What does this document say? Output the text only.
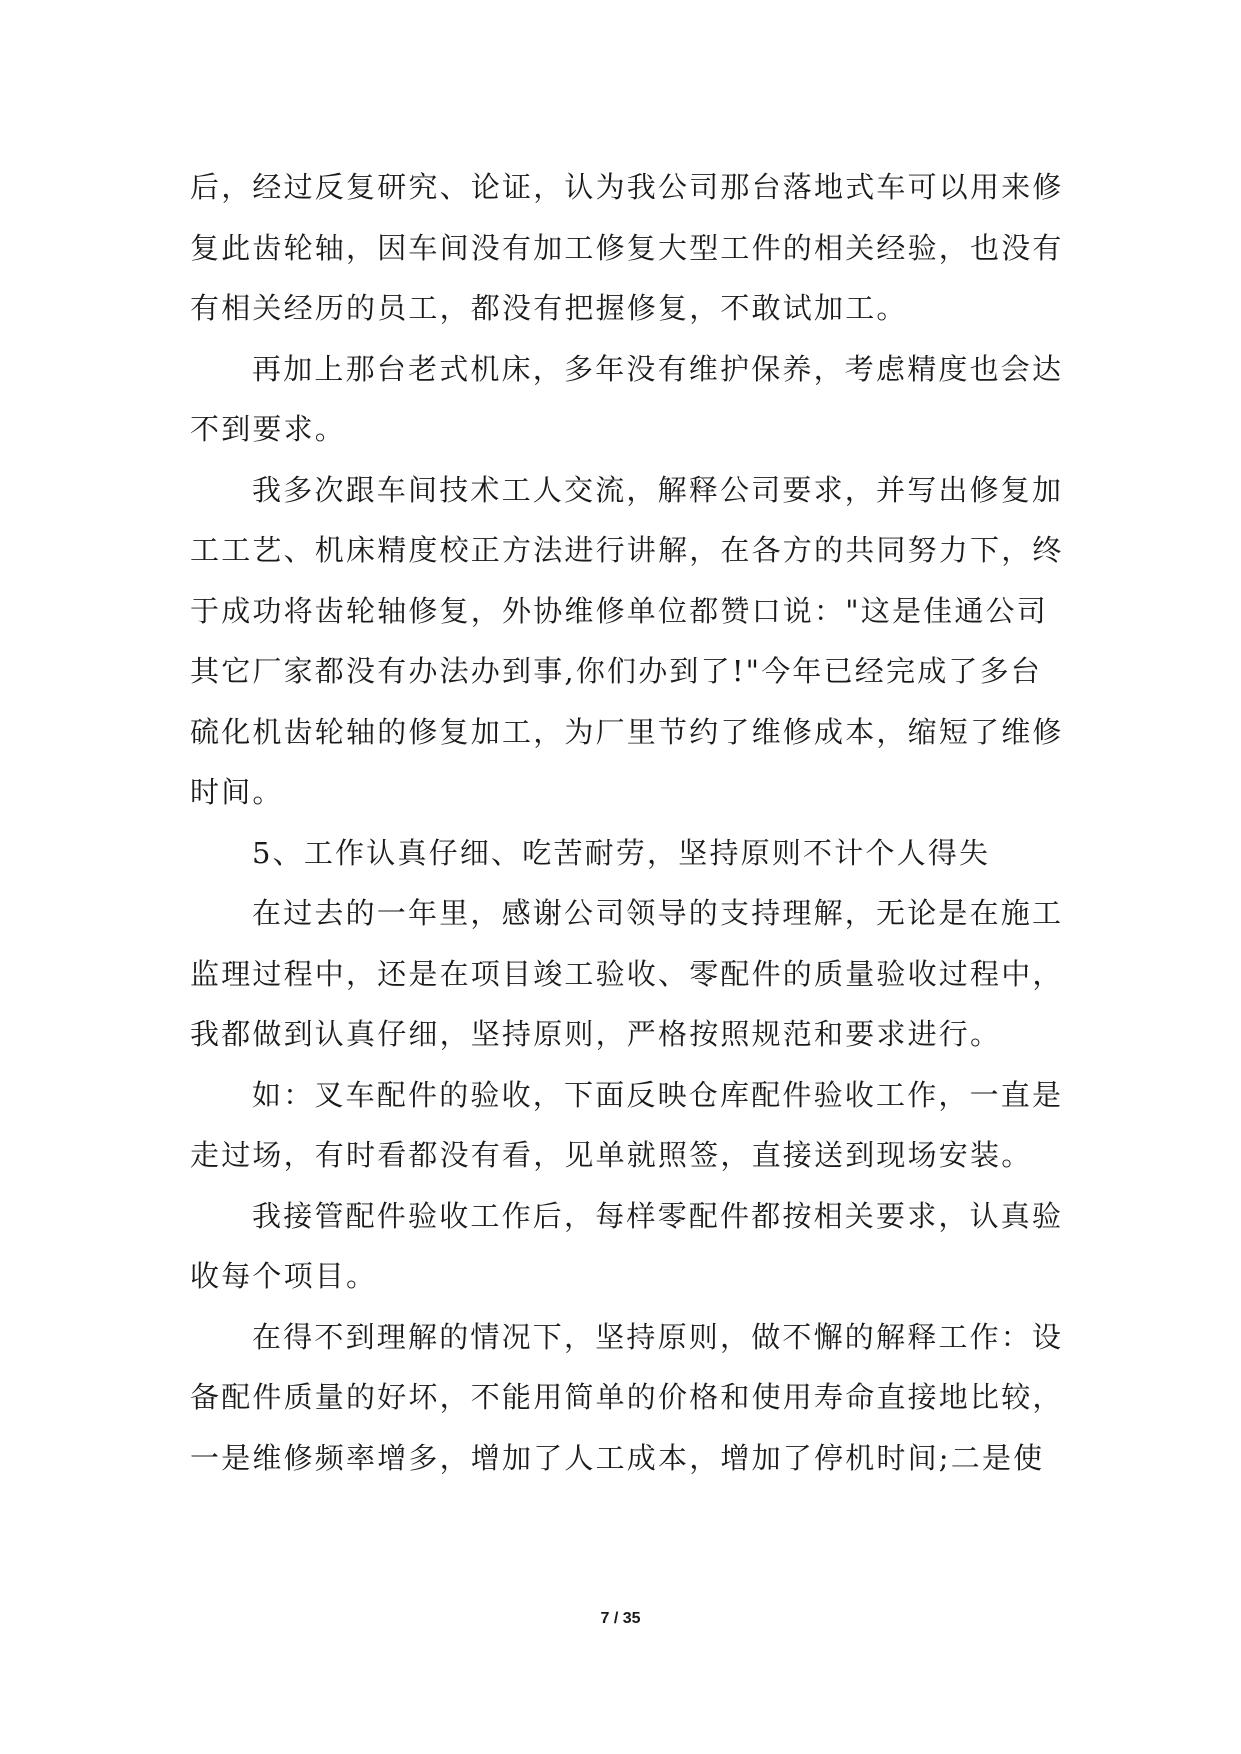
后，经过反复研究、论证，认为我公司那台落地式车可以用来修
复此齿轮轴，因车间没有加工修复大型工件的相关经验，也没有
有相关经历的员工，都没有把握修复，不敢试加工。
再加上那台老式机床，多年没有维护保养，考虑精度也会达
不到要求。
我多次跟车间技术工人交流，解释公司要求，并写出修复加
工工艺、机床精度校正方法进行讲解，在各方的共同努力下，终
于成功将齿轮轴修复，外协维修单位都赞口说："这是佳通公司
其它厂家都没有办法办到事,你们办到了!"今年已经完成了多台
硫化机齿轮轴的修复加工，为厂里节约了维修成本，缩短了维修
时间。
5、工作认真仔细、吃苦耐劳，坚持原则不计个人得失
在过去的一年里，感谢公司领导的支持理解，无论是在施工
监理过程中，还是在项目竣工验收、零配件的质量验收过程中，
我都做到认真仔细，坚持原则，严格按照规范和要求进行。
如：叉车配件的验收，下面反映仓库配件验收工作，一直是
走过场，有时看都没有看，见单就照签，直接送到现场安装。
我接管配件验收工作后，每样零配件都按相关要求，认真验
收每个项目。
在得不到理解的情况下，坚持原则，做不懈的解释工作：设
备配件质量的好坏，不能用简单的价格和使用寿命直接地比较，
一是维修频率增多，增加了人工成本，增加了停机时间;二是使
7 / 35
